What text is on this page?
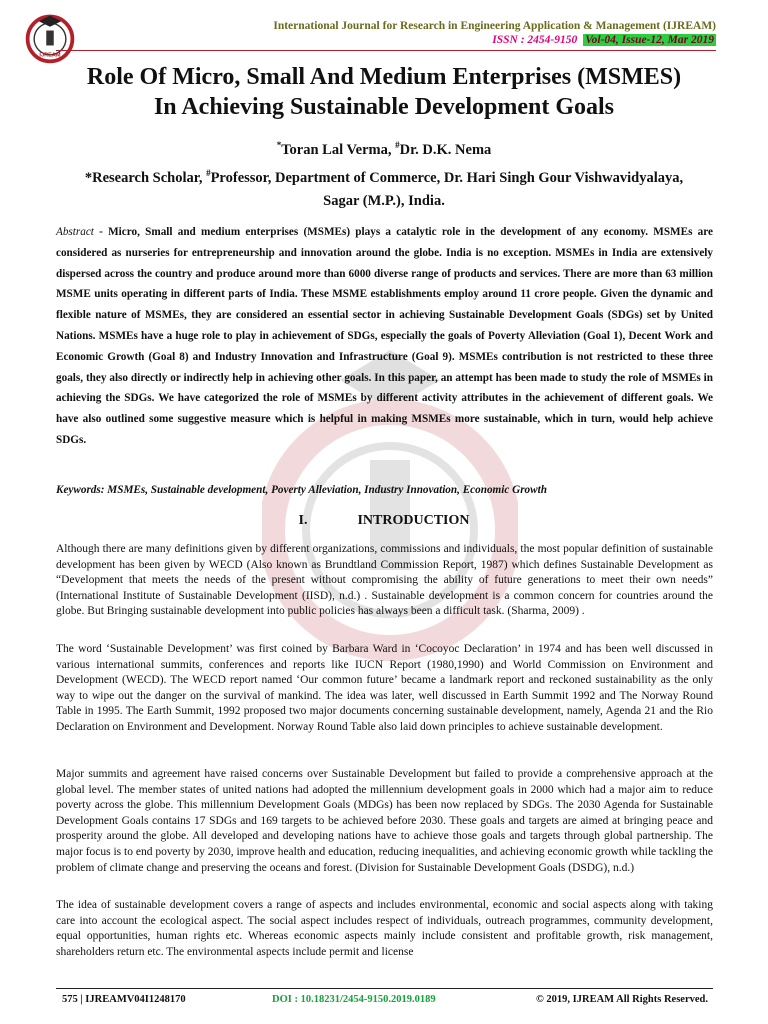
IJREAM
International Journal for Research in Engineering Application & Management (IJREAM)
ISSN : 2454-9150 Vol-04, Issue-12, Mar 2019
Role Of Micro, Small And Medium Enterprises (MSMES)
In Achieving Sustainable Development Goals
*Toran Lal Verma, #Dr. D.K. Nema
*Research Scholar, #Professor, Department of Commerce, Dr. Hari Singh Gour Vishwavidyalaya,
Sagar (M.P.), India.

Abstract - Micro, Small and medium enterprises (MSMEs) plays a catalytic role in the development of any economy. MSMEs are considered as nurseries for entrepreneurship and innovation around the globe. India is no exception. MSMEs in India are extensively dispersed across the country and produce around more than 6000 diverse range of products and services. There are more than 63 million MSME units operating in different parts of India. These MSME establishments employ around 11 crore people. Given the dynamic and flexible nature of MSMEs, they are considered an essential sector in achieving Sustainable Development Goals (SDGs) set by United Nations. MSMEs have a huge role to play in achievement of SDGs, especially the goals of Poverty Alleviation (Goal 1), Decent Work and Economic Growth (Goal 8) and Industry Innovation and Infrastructure (Goal 9). MSMEs contribution is not restricted to these three goals, they also directly or indirectly help in achieving other goals. In this paper, an attempt has been made to study the role of MSMEs in achieving the SDGs. We have categorized the role of MSMEs by different activity attributes in the achievement of different goals. We have also outlined some suggestive measure which is helpful in making MSMEs more sustainable, which in turn, would help achieve SDGs.

Keywords: MSMEs, Sustainable development, Poverty Alleviation, Industry Innovation, Economic Growth

I.	INTRODUCTION

Although there are many definitions given by different organizations, commissions and individuals, the most popular definition of sustainable development has been given by WECD (Also known as Brundtland Commission Report, 1987) which defines Sustainable Development as “Development that meets the needs of the present without compromising the ability of future generations to meet their own needs” (International Institute of Sustainable Development (IISD), n.d.) . Sustainable development is a common concern for countries around the globe. But Bringing sustainable development into public policies has always been a difficult task. (Sharma, 2009) .

The word ‘Sustainable Development’ was first coined by Barbara Ward in ‘Cocoyoc Declaration’ in 1974 and has been well discussed in various international summits, conferences and reports like IUCN Report (1980,1990) and World Commission on Environment and Development (WECD). The WECD report named ‘Our common future’ became a landmark report and reckoned sustainability as the only way to wipe out the danger on the survival of mankind. The idea was later, well discussed in Earth Summit 1992 and The Norway Round Table in 1995. The Earth Summit, 1992 proposed two major documents concerning sustainable development, namely, Agenda 21 and the Rio Declaration on Environment and Development. Norway Round Table also laid down principles to achieve sustainable development.

Major summits and agreement have raised concerns over Sustainable Development but failed to provide a comprehensive approach at the global level. The member states of united nations had adopted the millennium development goals in 2000 which had a major aim to reduce poverty across the globe. This millennium Development Goals (MDGs) has been now replaced by SDGs. The 2030 Agenda for Sustainable Development Goals contains 17 SDGs and 169 targets to be achieved before 2030. These goals and targets are aimed at bringing peace and prosperity around the globe. All developed and developing nations have to achieve those goals and targets through global partnership. The major focus is to end poverty by 2030, improve health and education, reducing inequalities, and achieving economic growth while tackling the problem of climate change and preserving the oceans and forest. (Division for Sustainable Development Goals (DSDG), n.d.)

The idea of sustainable development covers a range of aspects and includes environmental, economic and social aspects along with taking care into account the ecological aspect. The social aspect includes respect of individuals, outreach programmes, community development, equal opportunities, human rights etc. Whereas economic aspects mainly include consistent and profitable growth, risk management, shareholders return etc. The environmental aspects include permit and license

575 | IJREAMV04I1248170	DOI : 10.18231/2454-9150.2019.0189	© 2019, IJREAM All Rights Reserved.
